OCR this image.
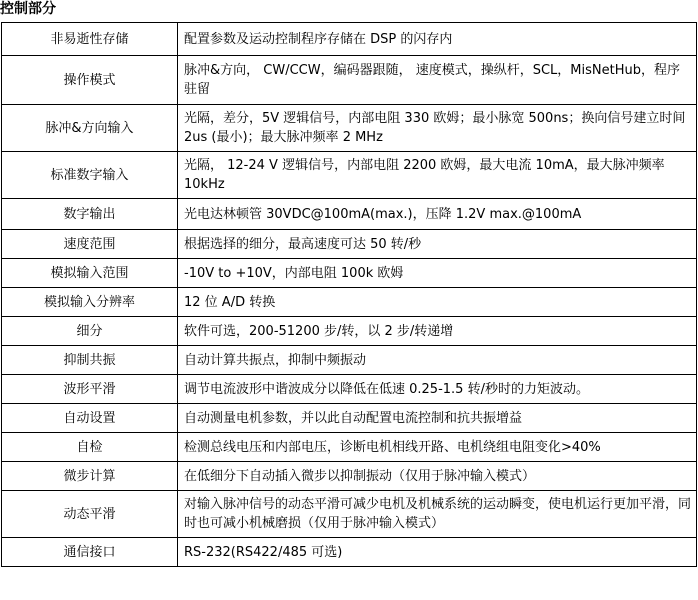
控制部分
非易逝性存储	配置参数及运动控制程序存储在 DSP 的闪存内
操作模式	脉冲&方向， CW/CCW，编码器跟随， 速度模式，操纵杆，SCL，MisNetHub，程序驻留
脉冲&方向输入	光隔，差分，5V 逻辑信号，内部电阻 330 欧姆；最小脉宽 500ns；换向信号建立时间 2us (最小)；最大脉冲频率 2 MHz
标准数字输入	光隔， 12-24 V 逻辑信号，内部电阻 2200 欧姆，最大电流 10mA，最大脉冲频率 10kHz
数字输出	光电达林顿管 30VDC@100mA(max.)，压降 1.2V max.@100mA
速度范围	根据选择的细分，最高速度可达 50 转/秒
模拟输入范围	-10V to +10V，内部电阻 100k 欧姆
模拟输入分辨率	12 位 A/D 转换
细分	软件可选，200-51200 步/转，以 2 步/转递增
抑制共振	自动计算共振点，抑制中频振动
波形平滑	调节电流波形中谐波成分以降低在低速 0.25-1.5 转/秒时的力矩波动。
自动设置	自动测量电机参数，并以此自动配置电流控制和抗共振增益
自检	检测总线电压和内部电压，诊断电机相线开路、电机绕组电阻变化>40%
微步计算	在低细分下自动插入微步以抑制振动（仅用于脉冲输入模式）
动态平滑	对输入脉冲信号的动态平滑可减少电机及机械系统的运动瞬变，使电机运行更加平滑，同时也可减小机械磨损（仅用于脉冲输入模式）
通信接口	RS-232(RS422/485 可选)
